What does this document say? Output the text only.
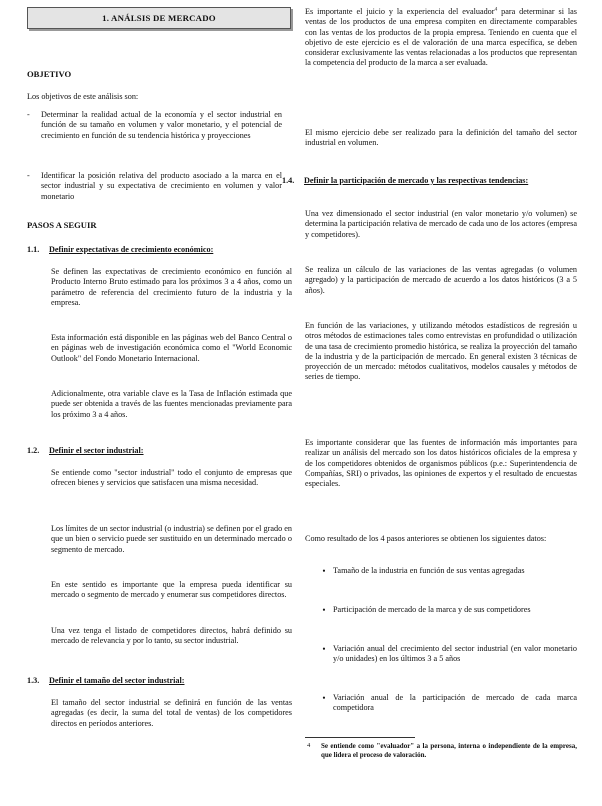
1. ANÁLSIS DE MERCADO
OBJETIVO

Los objetivos de este análisis son:

-	Determinar la realidad actual de la economía y el sector industrial en función de su tamaño en volumen y valor monetario, y el potencial de crecimiento en función de su tendencia histórica y proyecciones

-	Identificar la posición relativa del producto asociado a la marca en el sector industrial y su expectativa de crecimiento en volumen y valor monetario

PASOS A SEGUIR
1.1.	Definir expectativas de crecimiento económico:

Se definen las expectativas de crecimiento económico en función al Producto Interno Bruto estimado para los próximos 3 a 4 años, como un parámetro de referencia del crecimiento futuro de la industria y la empresa.

Esta información está disponible en las páginas web del Banco Central o en páginas web de investigación económica como el "World Economic Outlook" del Fondo Monetario Internacional.

Adicionalmente, otra variable clave es la Tasa de Inflación estimada que puede ser obtenida a través de las fuentes mencionadas previamente para los próximo 3 a 4 años.

1.2.	Definir el sector industrial:

Se entiende como "sector industrial" todo el conjunto de empresas que ofrecen bienes y servicios que satisfacen una misma necesidad.

Los límites de un sector industrial (o industria) se definen por el grado en que un bien o servicio puede ser sustituido en un determinado mercado o segmento de mercado.

En este sentido es importante que la empresa pueda identificar su mercado o segmento de mercado y enumerar sus competidores directos.

Una vez tenga el listado de competidores directos, habrá definido su mercado de relevancia y por lo tanto, su sector industrial.

1.3.	Definir el tamaño del sector industrial:

El tamaño del sector industrial se definirá en función de las ventas agregadas (es decir, la suma del total de ventas) de los competidores directos en períodos anteriores.

Es importante el juicio y la experiencia del evaluador$^4$ para determinar si las ventas de los productos de una empresa compiten en directamente comparables con las ventas de los productos de la propia empresa. Teniendo en cuenta que el objetivo de este ejercicio es el de valoración de una marca específica, se deben considerar exclusivamente las ventas relacionadas a los productos que representan la competencia del producto de la marca a ser evaluada.

El mismo ejercicio debe ser realizado para la definición del tamaño del sector industrial en volumen.

1.4.	Definir la participación de mercado y las respectivas tendencias:

Una vez dimensionado el sector industrial (en valor monetario y/o volumen) se determina la participación relativa de mercado de cada uno de los actores (empresa y competidores).

Se realiza un cálculo de las variaciones de las ventas agregadas (o volumen agregado) y la participación de mercado de acuerdo a los datos históricos (3 a 5 años).

En función de las variaciones, y utilizando métodos estadísticos de regresión u otros métodos de estimaciones tales como entrevistas en profundidad o utilización de una tasa de crecimiento promedio histórica, se realiza la proyección del tamaño de la industria y de la participación de mercado. En general existen 3 técnicas de proyección de un mercado: métodos cualitativos, modelos causales y métodos de series de tiempo.

Es importante considerar que las fuentes de información más importantes para realizar un análisis del mercado son los datos históricos oficiales de la empresa y de los competidores obtenidos de organismos públicos (p.e.: Superintendencia de Compañías, SRI) o privados, las opiniones de expertos y el resultado de encuestas especiales.

Como resultado de los 4 pasos anteriores se obtienen los siguientes datos:

• Tamaño de la industria en función de sus ventas agregadas

• Participación de mercado de la marca y de sus competidores

• Variación anual del crecimiento del sector industrial (en valor monetario y/o unidades) en los últimos 3 a 5 años

• Variación anual de la participación de mercado de cada marca competidora

4	Se entiende como "evaluador" a la persona, interna o independiente de la empresa, que lidera el proceso de valoración.
